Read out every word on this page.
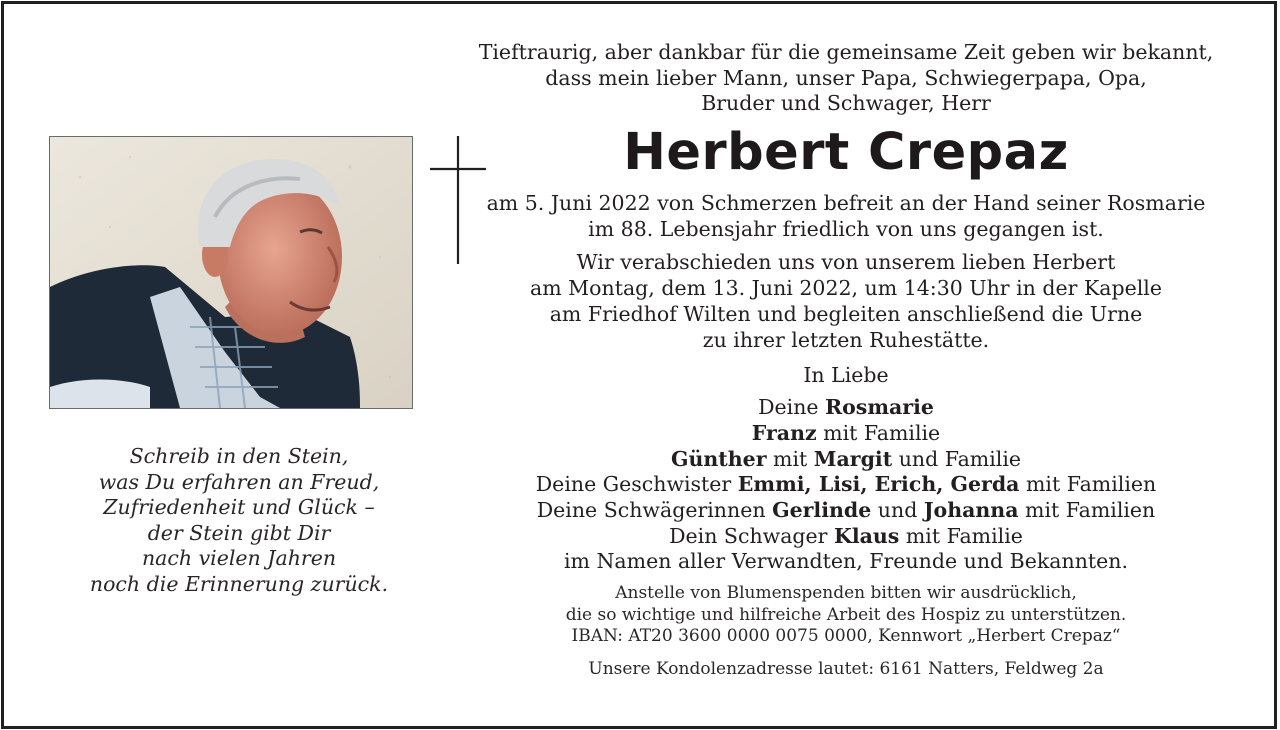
Schreib in den Stein,
was Du erfahren an Freud,
Zufriedenheit und Glück –
der Stein gibt Dir
nach vielen Jahren
noch die Erinnerung zurück.
Tieftraurig, aber dankbar für die gemeinsame Zeit geben wir bekannt,
dass mein lieber Mann, unser Papa, Schwiegerpapa, Opa,
Bruder und Schwager, Herr
Herbert Crepaz
am 5. Juni 2022 von Schmerzen befreit an der Hand seiner Rosmarie
im 88. Lebensjahr friedlich von uns gegangen ist.
Wir verabschieden uns von unserem lieben Herbert
am Montag, dem 13. Juni 2022, um 14:30 Uhr in der Kapelle
am Friedhof Wilten und begleiten anschließend die Urne
zu ihrer letzten Ruhestätte.
In Liebe
Deine Rosmarie
Franz mit Familie
Günther mit Margit und Familie
Deine Geschwister Emmi, Lisi, Erich, Gerda mit Familien
Deine Schwägerinnen Gerlinde und Johanna mit Familien
Dein Schwager Klaus mit Familie
im Namen aller Verwandten, Freunde und Bekannten.
Anstelle von Blumenspenden bitten wir ausdrücklich,
die so wichtige und hilfreiche Arbeit des Hospiz zu unterstützen.
IBAN: AT20 3600 0000 0075 0000, Kennwort „Herbert Crepaz“
Unsere Kondolenzadresse lautet: 6161 Natters, Feldweg 2a
